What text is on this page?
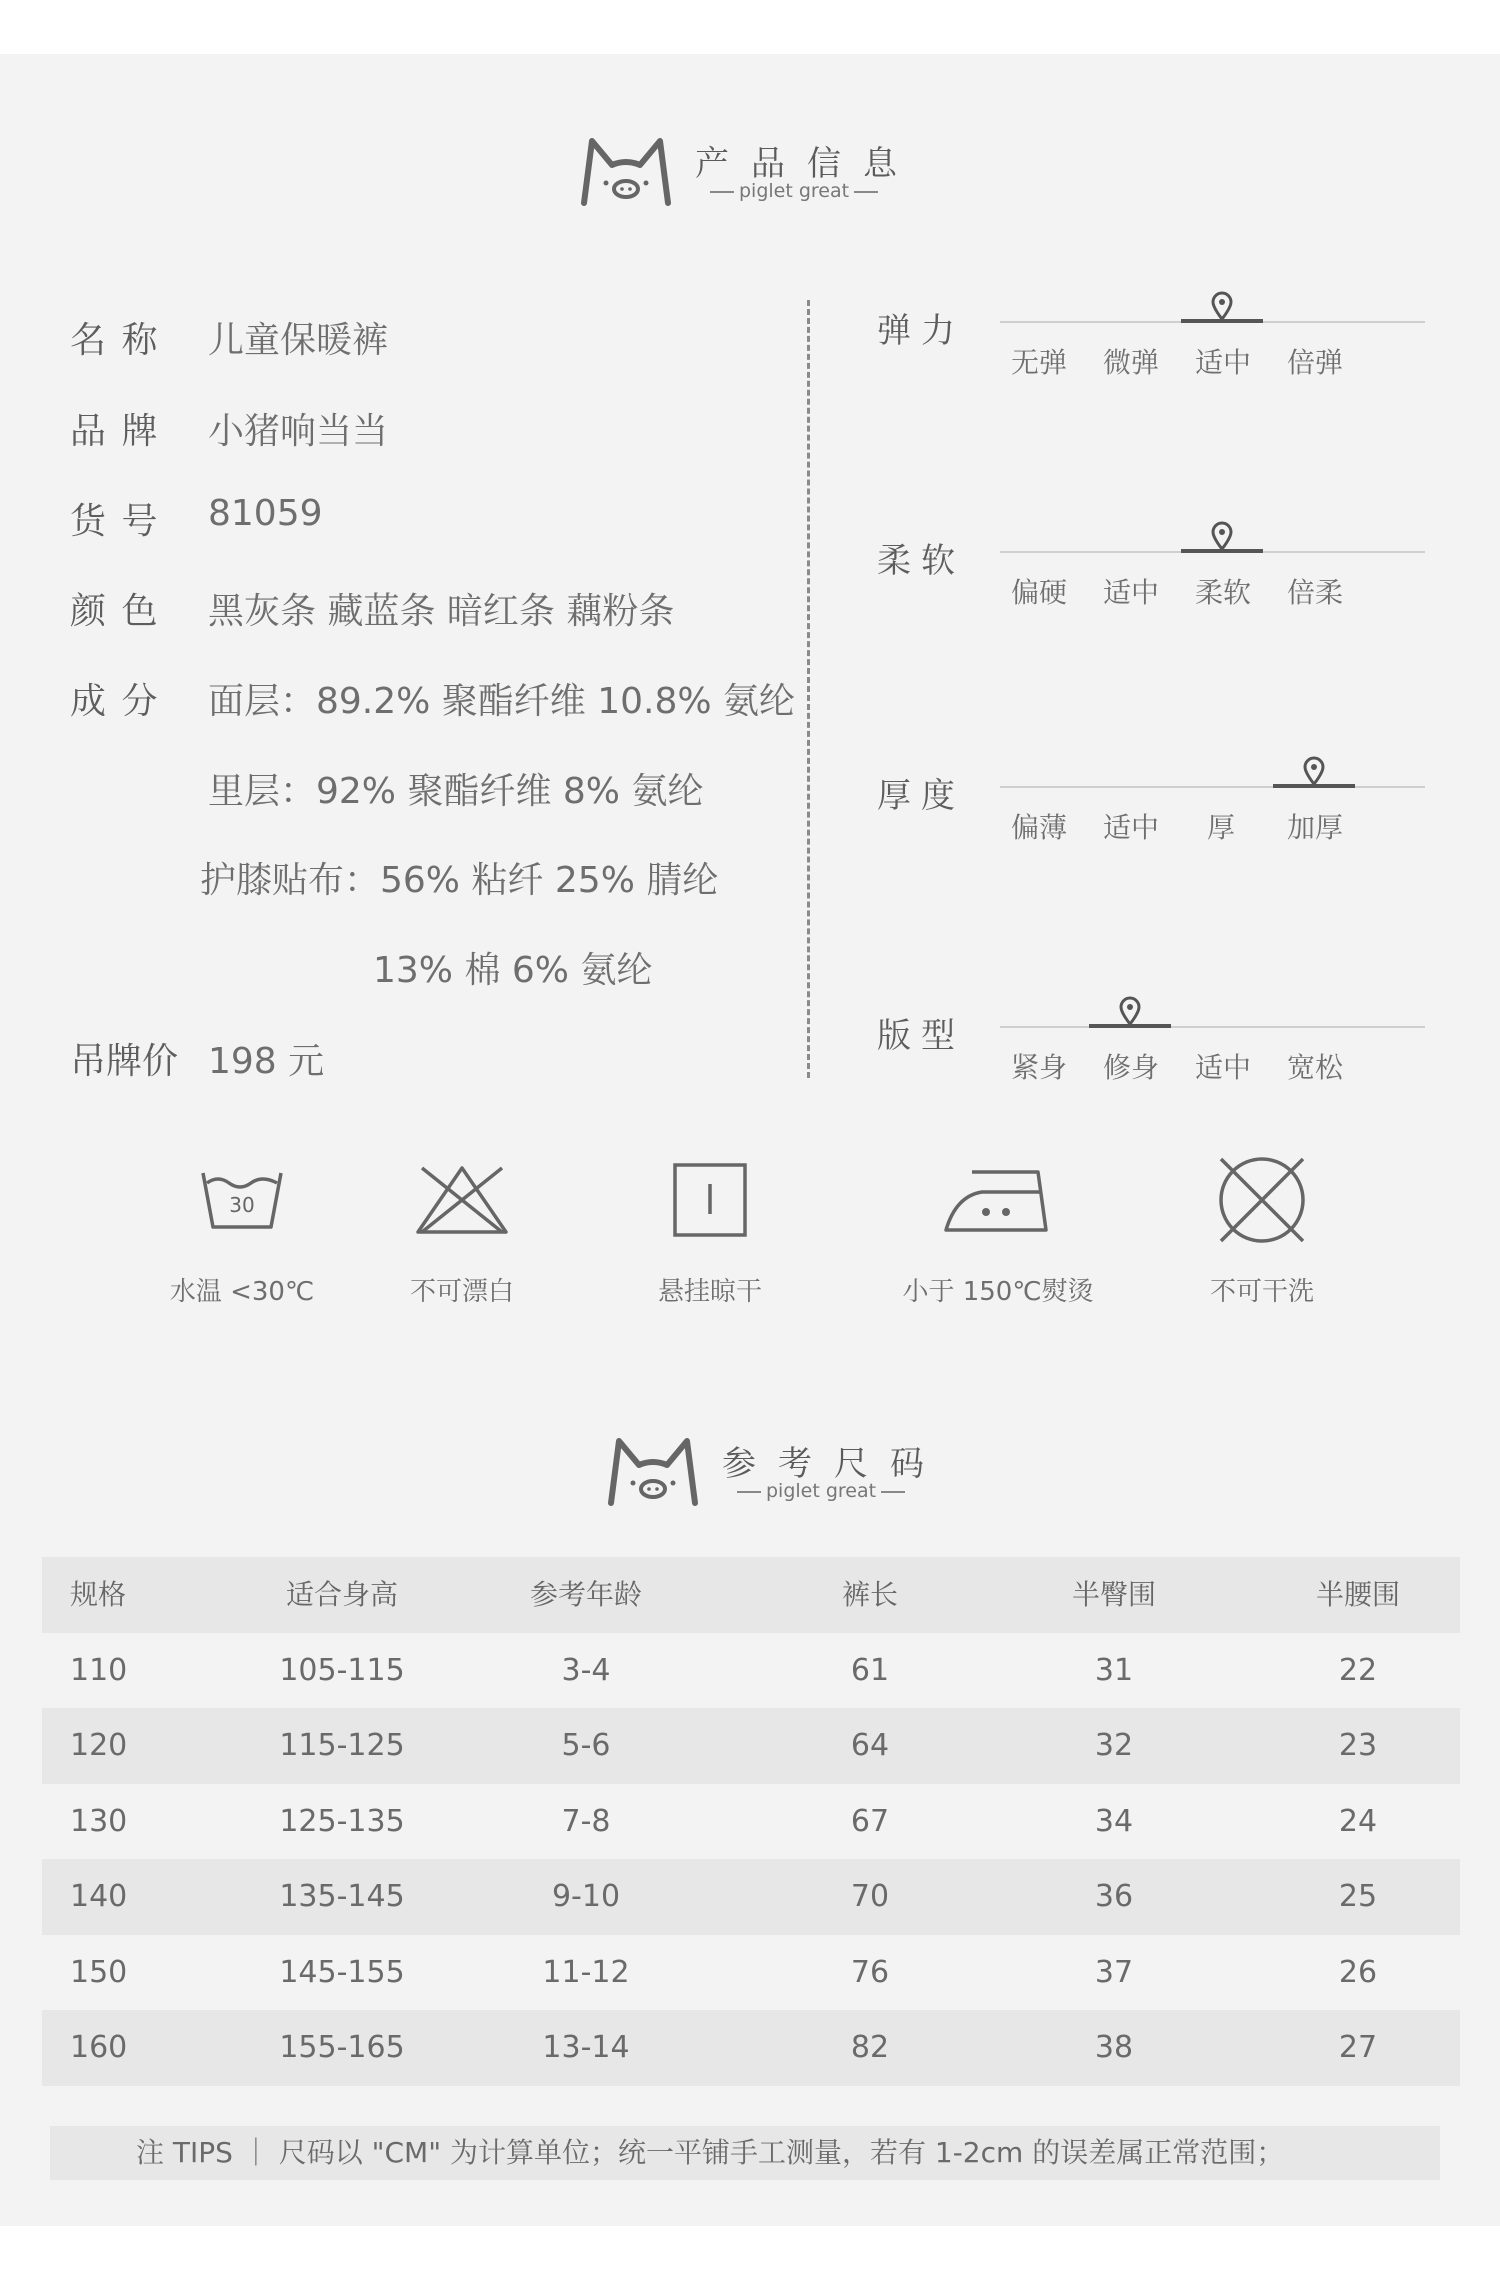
产品信息
piglet great
名 称	儿童保暖裤
品 牌	小猪响当当
货 号	81059
颜 色	黑灰条 藏蓝条 暗红条 藕粉条
成 分	面层：89.2% 聚酯纤维 10.8% 氨纶
里层：92% 聚酯纤维 8% 氨纶
护膝贴布：56% 粘纤 25% 腈纶
13% 棉 6% 氨纶
吊牌价 198 元
弹力
无弹 微弹 适中 倍弹
柔软
偏硬 适中 柔软 倍柔
厚度
偏薄 适中 厚 加厚
版型
紧身 修身 适中 宽松
30
水温 <30℃	不可漂白	悬挂晾干	小于 150℃熨烫	不可干洗
参考尺码
piglet great
规格	适合身高	参考年龄	裤长	半臀围	半腰围
110	105-115	3-4	61	31	22
120	115-125	5-6	64	32	23
130	125-135	7-8	67	34	24
140	135-145	9-10	70	36	25
150	145-155	11-12	76	37	26
160	155-165	13-14	82	38	27
注 TIPS ｜ 尺码以 "CM" 为计算单位；统一平铺手工测量，若有 1-2cm 的误差属正常范围；
